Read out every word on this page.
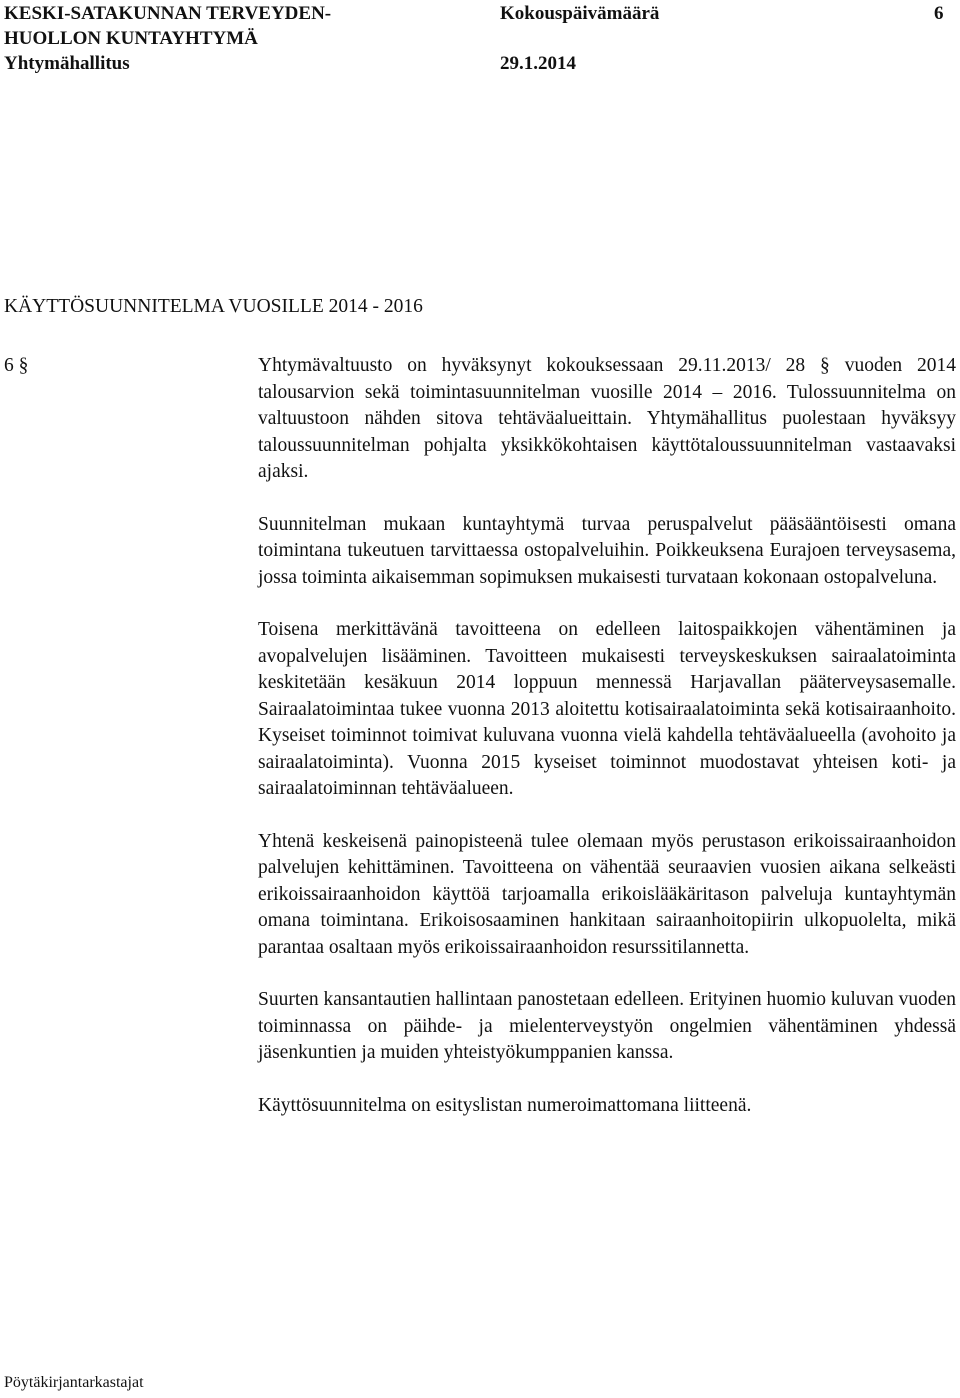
KESKI-SATAKUNNAN TERVEYDEN-
HUOLLON KUNTAYHTYMÄ
Yhtymähallitus
Kokouspäivämäärä
29.1.2014
6
KÄYTTÖSUUNNITELMA VUOSILLE 2014 - 2016
6 §	Yhtymävaltuusto on hyväksynyt kokouksessaan 29.11.2013/ 28 § vuoden 2014 talousarvion sekä toimintasuunnitelman vuosille 2014 – 2016. Tulossuunnitelma on valtuustoon nähden sitova tehtäväalueittain. Yhtymähallitus puolestaan hyväksyy taloussuunnitelman pohjalta yksikkökohtaisen käyttötaloussuunnitelman vastaavaksi ajaksi.

Suunnitelman mukaan kuntayhtymä turvaa peruspalvelut pääsääntöisesti omana toimintana tukeutuen tarvittaessa ostopalveluihin. Poikkeuksena Eurajoen terveysasema, jossa toiminta aikaisemman sopimuksen mukaisesti turvataan kokonaan ostopalveluna.

Toisena merkittävänä tavoitteena on edelleen laitospaikkojen vähentäminen ja avopalvelujen lisääminen. Tavoitteen mukaisesti terveyskeskuksen sairaalatoiminta keskitetään kesäkuun 2014 loppuun mennessä Harjavallan pääterveysasemalle. Sairaalatoimintaa tukee vuonna 2013 aloitettu kotisairaalatoiminta sekä kotisairaanhoito. Kyseiset toiminnot toimivat kuluvana vuonna vielä kahdella tehtäväalueella (avohoito ja sairaalatoiminta). Vuonna 2015 kyseiset toiminnot muodostavat yhteisen koti- ja sairaalatoiminnan tehtäväalueen.

Yhtenä keskeisenä painopisteenä tulee olemaan myös perustason erikoissairaanhoidon palvelujen kehittäminen. Tavoitteena on vähentää seuraavien vuosien aikana selkeästi erikoissairaanhoidon käyttöä tarjoamalla erikoislääkäritason palveluja kuntayhtymän omana toimintana. Erikoisosaaminen hankitaan sairaanhoitopiirin ulkopuolelta, mikä parantaa osaltaan myös erikoissairaanhoidon resurssitilannetta.

Suurten kansantautien hallintaan panostetaan edelleen. Erityinen huomio kuluvan vuoden toiminnassa on päihde- ja mielenterveystyön ongelmien vähentäminen yhdessä jäsenkuntien ja muiden yhteistyökumppanien kanssa.

Käyttösuunnitelma on esityslistan numeroimattomana liitteenä.

Pöytäkirjantarkastajat
